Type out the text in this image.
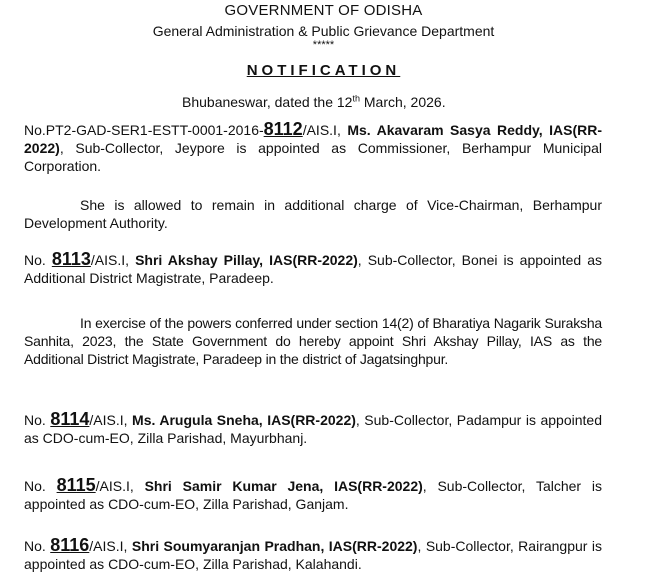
GOVERNMENT OF ODISHA
General Administration & Public Grievance Department
*****
NOTIFICATION
Bhubaneswar, dated the 12th March, 2026.
No.PT2-GAD-SER1-ESTT-0001-2016-8112/AIS.I, Ms. Akavaram Sasya Reddy, IAS(RR-2022), Sub-Collector, Jeypore is appointed as Commissioner, Berhampur Municipal Corporation.
She is allowed to remain in additional charge of Vice-Chairman, Berhampur Development Authority.
No. 8113/AIS.I, Shri Akshay Pillay, IAS(RR-2022), Sub-Collector, Bonei is appointed as Additional District Magistrate, Paradeep.
In exercise of the powers conferred under section 14(2) of Bharatiya Nagarik Suraksha Sanhita, 2023, the State Government do hereby appoint Shri Akshay Pillay, IAS as the Additional District Magistrate, Paradeep in the district of Jagatsinghpur.
No. 8114/AIS.I, Ms. Arugula Sneha, IAS(RR-2022), Sub-Collector, Padampur is appointed as CDO-cum-EO, Zilla Parishad, Mayurbhanj.
No. 8115/AIS.I, Shri Samir Kumar Jena, IAS(RR-2022), Sub-Collector, Talcher is appointed as CDO-cum-EO, Zilla Parishad, Ganjam.
No. 8116/AIS.I, Shri Soumyaranjan Pradhan, IAS(RR-2022), Sub-Collector, Rairangpur is appointed as CDO-cum-EO, Zilla Parishad, Kalahandi.
